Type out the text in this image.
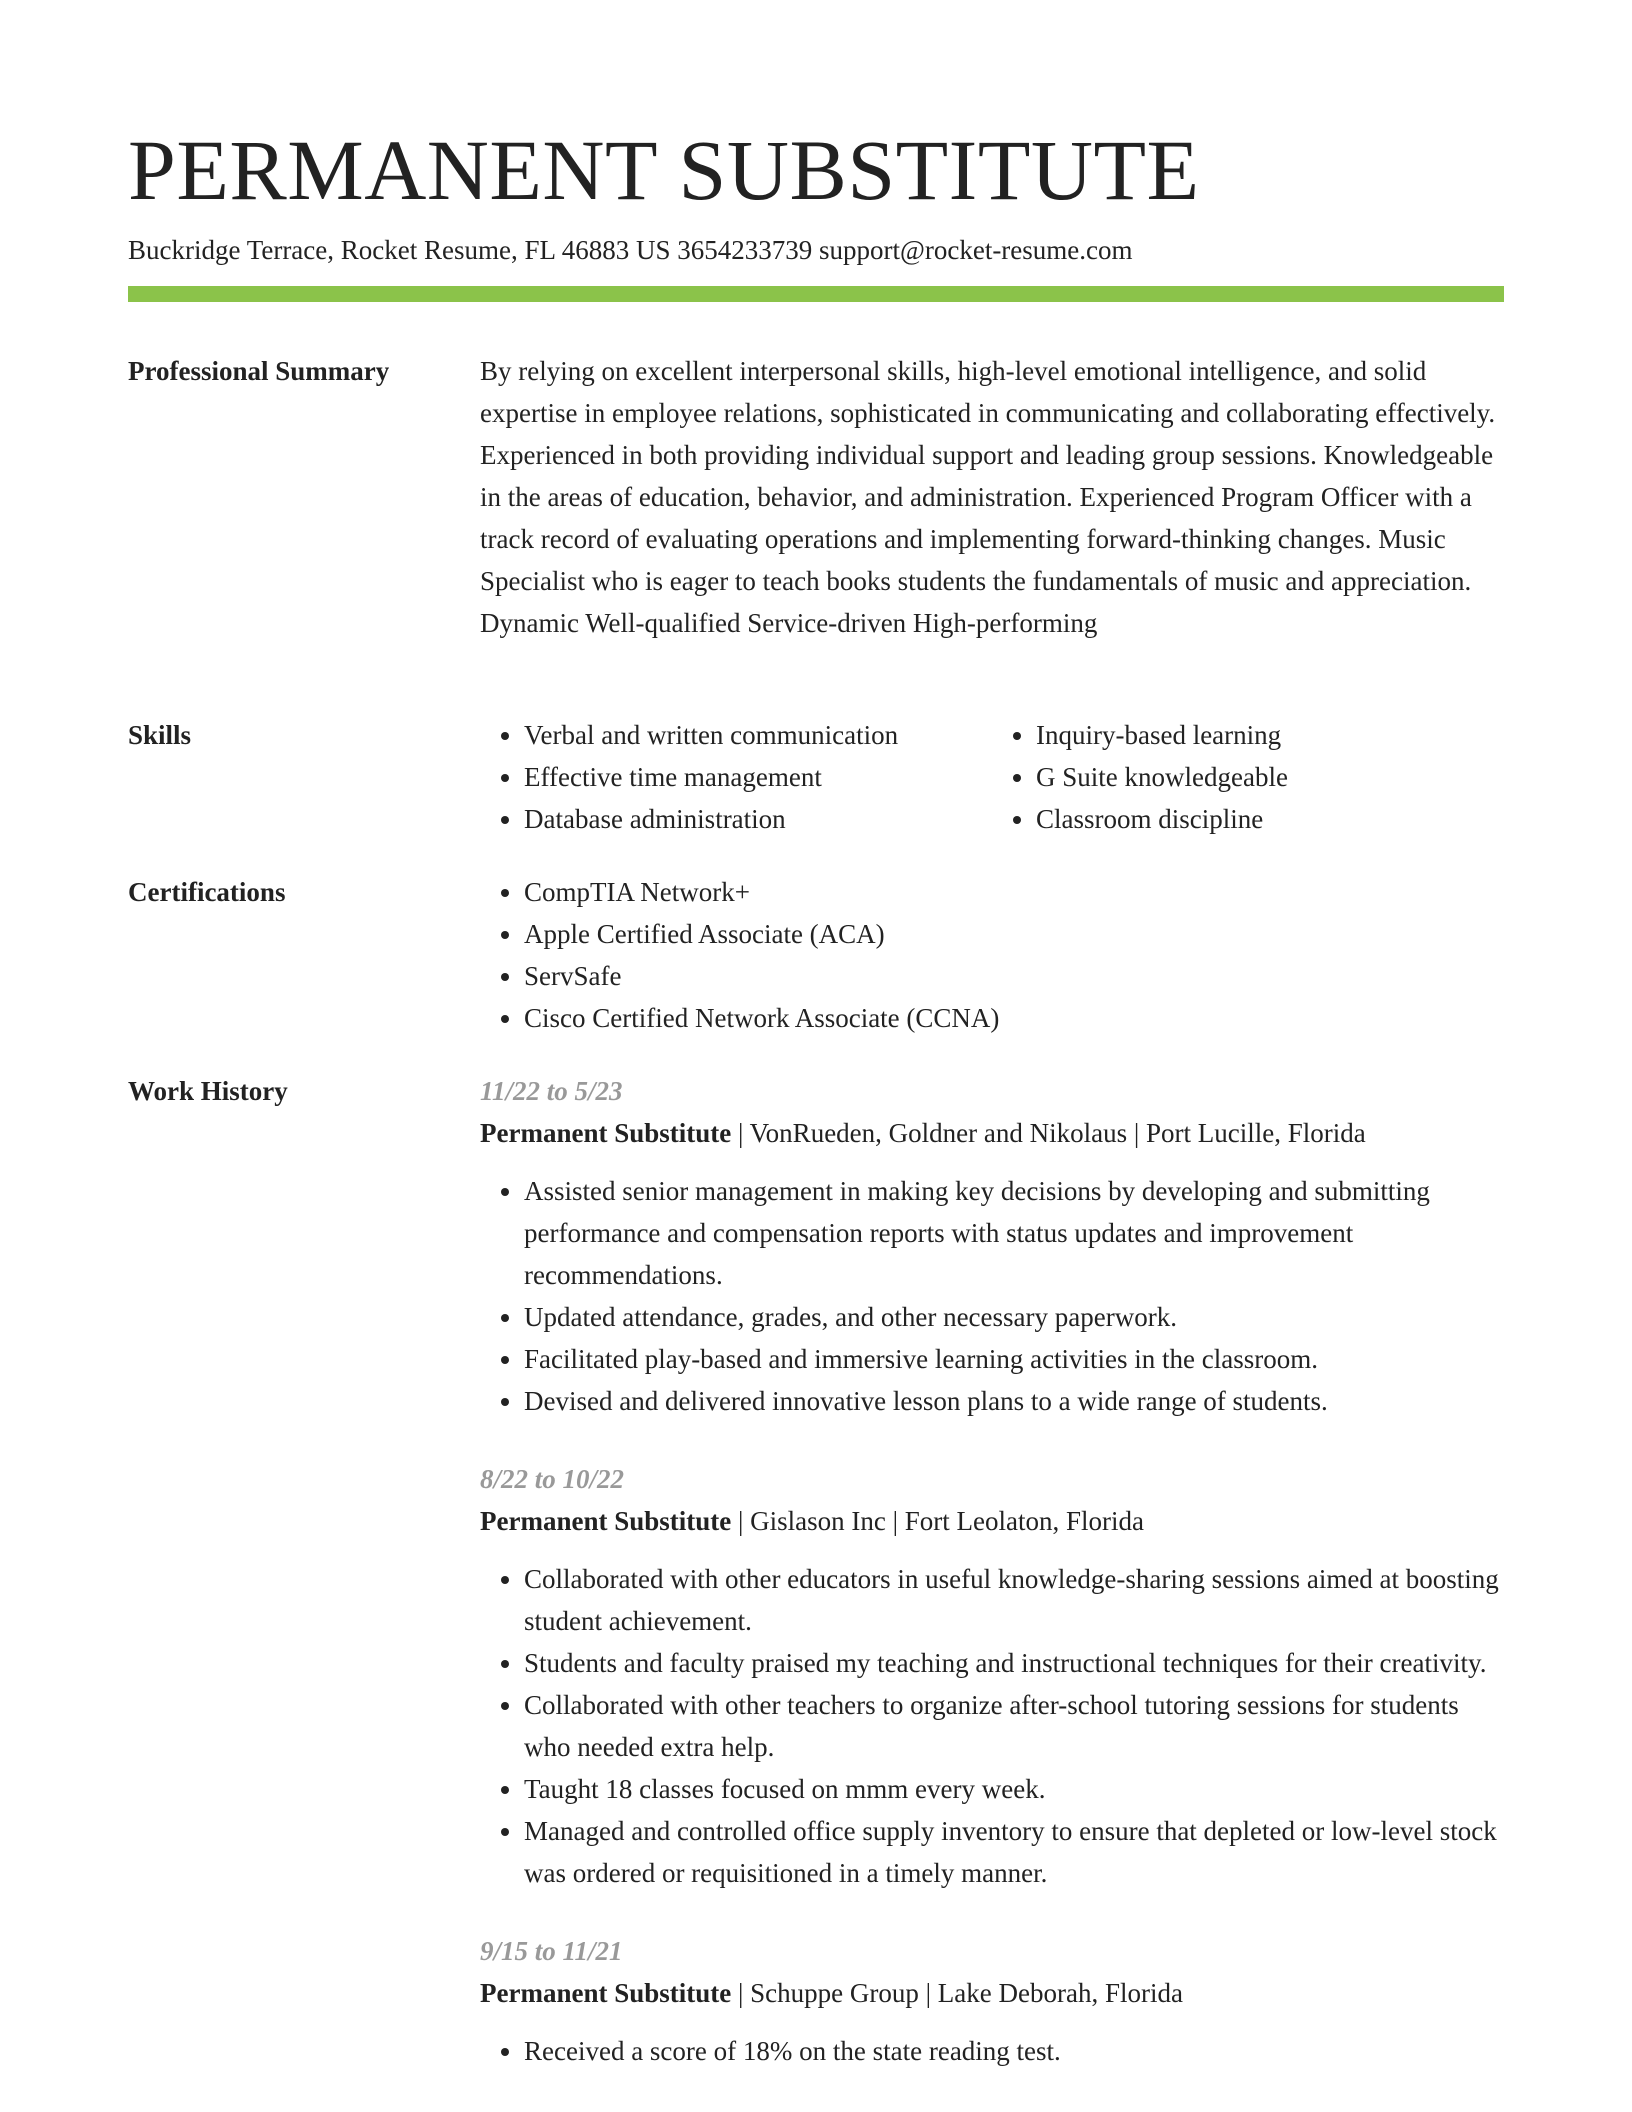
PERMANENT SUBSTITUTE
Buckridge Terrace, Rocket Resume, FL 46883 US 3654233739 support@rocket-resume.com
Professional Summary	By relying on excellent interpersonal skills, high-level emotional intelligence, and solid expertise in employee relations, sophisticated in communicating and collaborating effectively. Experienced in both providing individual support and leading group sessions. Knowledgeable in the areas of education, behavior, and administration. Experienced Program Officer with a track record of evaluating operations and implementing forward-thinking changes. Music Specialist who is eager to teach books students the fundamentals of music and appreciation. Dynamic Well-qualified Service-driven High-performing

Skills	• Verbal and written communication
• Effective time management
• Database administration
• Inquiry-based learning
• G Suite knowledgeable
• Classroom discipline
Certifications	• CompTIA Network+
• Apple Certified Associate (ACA)
• ServSafe
• Cisco Certified Network Associate (CCNA)
Work History	11/22 to 5/23
Permanent Substitute | VonRueden, Goldner and Nikolaus | Port Lucille, Florida
• Assisted senior management in making key decisions by developing and submitting performance and compensation reports with status updates and improvement recommendations.
• Updated attendance, grades, and other necessary paperwork.
• Facilitated play-based and immersive learning activities in the classroom.
• Devised and delivered innovative lesson plans to a wide range of students.
8/22 to 10/22
Permanent Substitute | Gislason Inc | Fort Leolaton, Florida
• Collaborated with other educators in useful knowledge-sharing sessions aimed at boosting student achievement.
• Students and faculty praised my teaching and instructional techniques for their creativity.
• Collaborated with other teachers to organize after-school tutoring sessions for students who needed extra help.
• Taught 18 classes focused on mmm every week.
• Managed and controlled office supply inventory to ensure that depleted or low-level stock was ordered or requisitioned in a timely manner.
9/15 to 11/21
Permanent Substitute | Schuppe Group | Lake Deborah, Florida
• Received a score of 18% on the state reading test.
